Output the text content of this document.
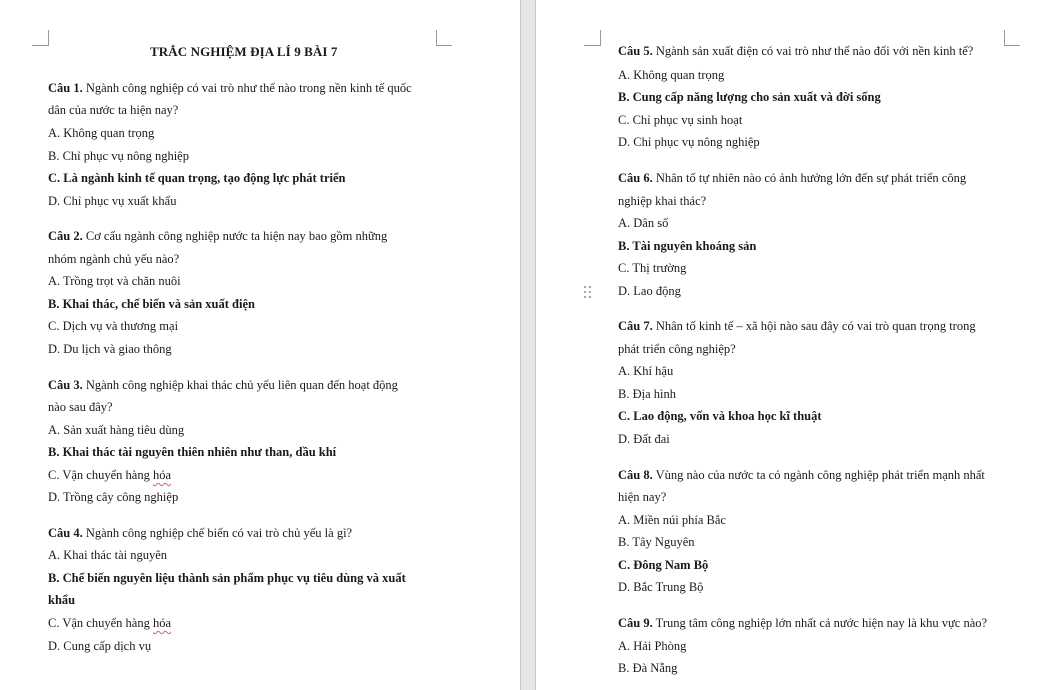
TRẮC NGHIỆM ĐỊA LÍ 9 BÀI 7
Câu 1. Ngành công nghiệp có vai trò như thế nào trong nền kinh tế quốc
dân của nước ta hiện nay?
A. Không quan trọng
B. Chỉ phục vụ nông nghiệp
C. Là ngành kinh tế quan trọng, tạo động lực phát triển
D. Chỉ phục vụ xuất khẩu
Câu 2. Cơ cấu ngành công nghiệp nước ta hiện nay bao gồm những
nhóm ngành chủ yếu nào?
A. Trồng trọt và chăn nuôi
B. Khai thác, chế biến và sản xuất điện
C. Dịch vụ và thương mại
D. Du lịch và giao thông
Câu 3. Ngành công nghiệp khai thác chủ yếu liên quan đến hoạt động
nào sau đây?
A. Sản xuất hàng tiêu dùng
B. Khai thác tài nguyên thiên nhiên như than, dầu khí
C. Vận chuyển hàng hóa
D. Trồng cây công nghiệp
Câu 4. Ngành công nghiệp chế biến có vai trò chủ yếu là gì?
A. Khai thác tài nguyên
B. Chế biến nguyên liệu thành sản phẩm phục vụ tiêu dùng và xuất
khẩu
C. Vận chuyển hàng hóa
D. Cung cấp dịch vụ
Câu 5. Ngành sản xuất điện có vai trò như thế nào đối với nền kinh tế?
A. Không quan trọng
B. Cung cấp năng lượng cho sản xuất và đời sống
C. Chỉ phục vụ sinh hoạt
D. Chỉ phục vụ nông nghiệp
Câu 6. Nhân tố tự nhiên nào có ảnh hưởng lớn đến sự phát triển công
nghiệp khai thác?
A. Dân số
B. Tài nguyên khoáng sản
C. Thị trường
D. Lao động
Câu 7. Nhân tố kinh tế – xã hội nào sau đây có vai trò quan trọng trong
phát triển công nghiệp?
A. Khí hậu
B. Địa hình
C. Lao động, vốn và khoa học kĩ thuật
D. Đất đai
Câu 8. Vùng nào của nước ta có ngành công nghiệp phát triển mạnh nhất
hiện nay?
A. Miền núi phía Bắc
B. Tây Nguyên
C. Đông Nam Bộ
D. Bắc Trung Bộ
Câu 9. Trung tâm công nghiệp lớn nhất cả nước hiện nay là khu vực nào?
A. Hải Phòng
B. Đà Nẵng
